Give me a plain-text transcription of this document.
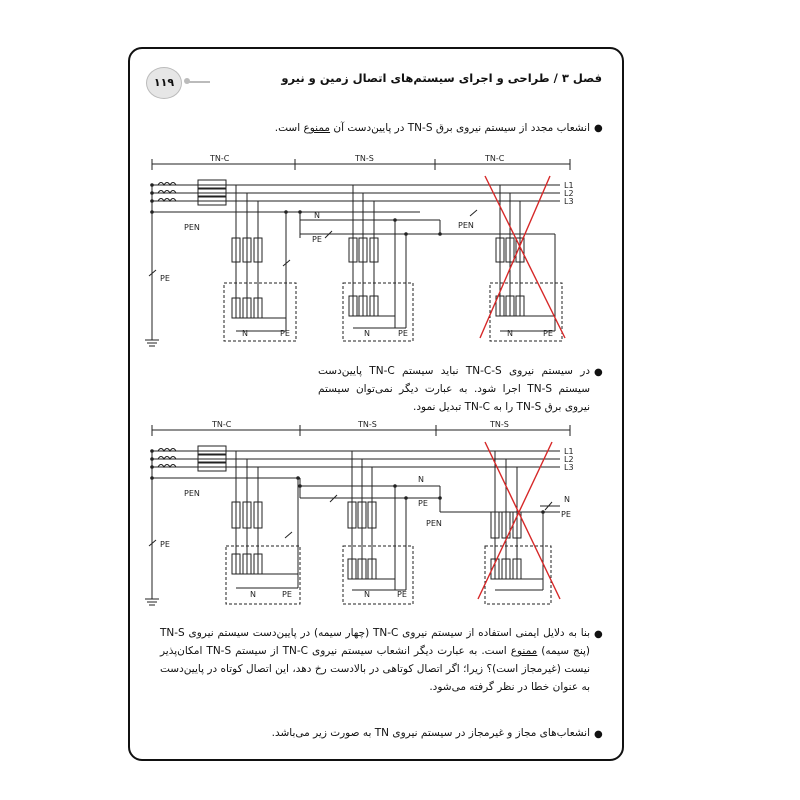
۱۱۹	فصل ۳ / طراحی و اجرای سیستم‌های اتصال زمین و نیرو
●
انشعاب مجدد از سیستم نیروی برق TN-S در پایین‌دست آن ممنوع است.
TN-C	TN-S	TN-C
L1
L2
L3
PEN
PE
N
PE
PEN
N	PE	N	PE	N	PE
●
در سیستم نیروی TN-C-S نباید سیستم TN-C پایین‌دست سیستم TN-S اجرا شود. به عبارت دیگر نمی‌توان سیستم نیروی برق TN-S را به TN-C تبدیل نمود.
TN-C	TN-S	TN-S
L1
L2
L3
PEN
PE
N
PE
PEN
N
PE
N	PE	N	PE
●
بنا به دلایل ایمنی استفاده از سیستم نیروی TN-C (چهار سیمه) در پایین‌دست سیستم نیروی TN-S (پنج سیمه) ممنوع است. به عبارت دیگر انشعاب سیستم نیروی TN-C از سیستم TN-S امکان‌پذیر نیست (غیرمجاز است)؟ زیرا؛ اگر اتصال کوتاهی در بالادست رخ دهد، این اتصال کوتاه در پایین‌دست به عنوان خطا در نظر گرفته می‌شود.
●
انشعاب‌های مجاز و غیرمجاز در سیستم نیروی TN به صورت زیر می‌باشد.
